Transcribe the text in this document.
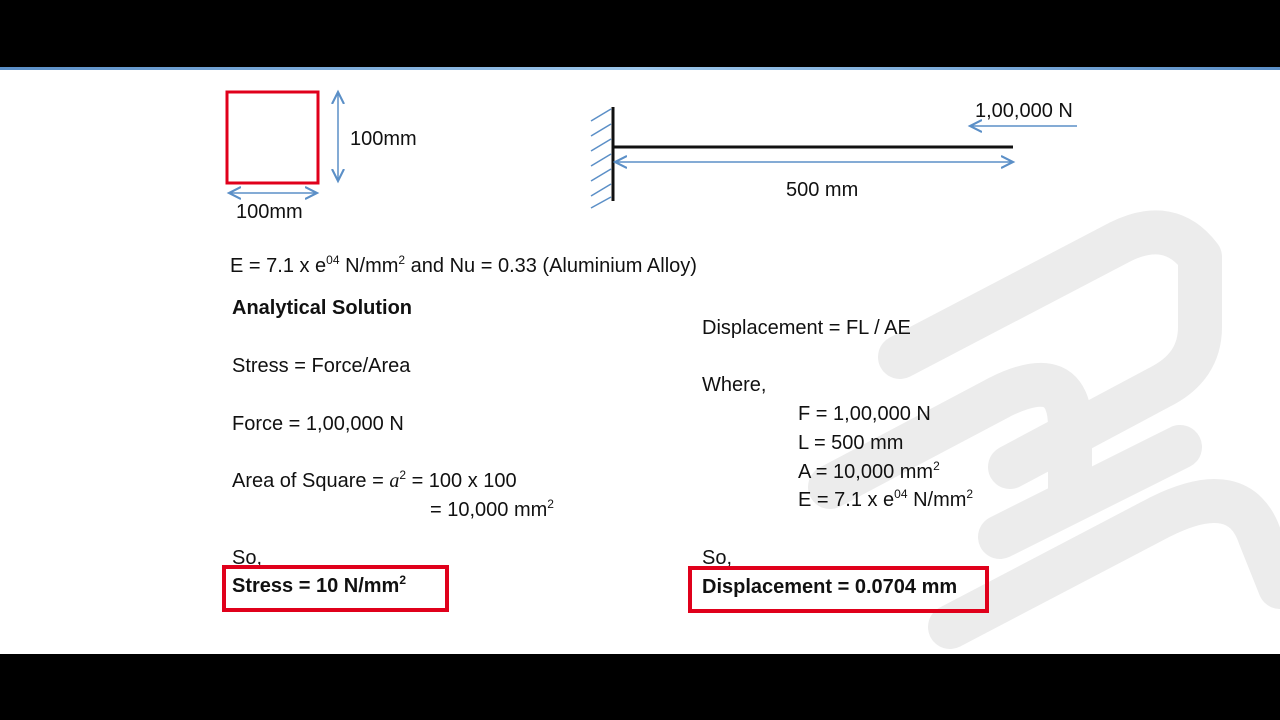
100mm
100mm
500 mm
1,00,000 N
E = 7.1 x $e^{04}$ $N/mm^2$ and Nu = 0.33 (Aluminium Alloy)
Analytical Solution
Stress = Force/Area
Force = 1,00,000 N
Area of Square = $a^2 = 100$ x 100
= 10,000 $mm^2$
So,
Stress = 10 $N/mm^2$
Displacement = FL / AE
Where,
F = 1,00,000 N
L = 500 mm
A = 10,000 $mm^2$
E = 7.1 x $e^{04}$ $N/mm^2$
So,
Displacement = 0.0704 mm
